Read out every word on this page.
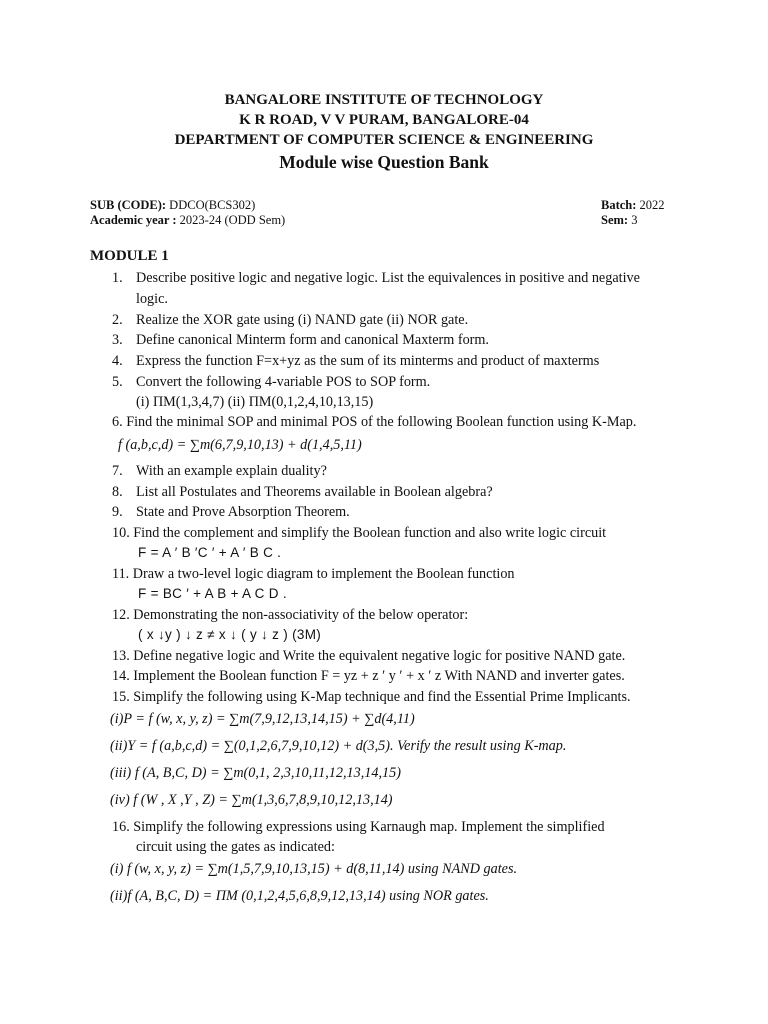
BANGALORE INSTITUTE OF TECHNOLOGY
K R ROAD, V V PURAM, BANGALORE-04
DEPARTMENT OF COMPUTER SCIENCE & ENGINEERING
Module wise Question Bank
SUB (CODE): DDCO(BCS302)
Academic year : 2023-24 (ODD Sem)
Batch: 2022
Sem: 3
MODULE 1
1. Describe positive logic and negative logic. List the equivalences in positive and negative
logic.
2. Realize the XOR gate using (i) NAND gate (ii) NOR gate.
3. Define canonical Minterm form and canonical Maxterm form.
4. Express the function F=x+yz as the sum of its minterms and product of maxterms
5. Convert the following 4-variable POS to SOP form.
(i) ΠM(1,3,4,7) (ii) ΠM(0,1,2,4,10,13,15)
6. Find the minimal SOP and minimal POS of the following Boolean function using K-Map.
f (a,b,c,d) = ∑m(6,7,9,10,13) + d(1,4,5,11)
7. With an example explain duality?
8. List all Postulates and Theorems available in Boolean algebra?
9. State and Prove Absorption Theorem.
10. Find the complement and simplify the Boolean function and also write logic circuit
F = A ′ B ′C ′ + A ′ B C .
11. Draw a two-level logic diagram to implement the Boolean function
F = BC ′ + A B + A C D .
12. Demonstrating the non-associativity of the below operator:
( x ↓y ) ↓ z ≠ x ↓ ( y ↓ z ) (3M)
13. Define negative logic and Write the equivalent negative logic for positive NAND gate.
14. Implement the Boolean function F = yz + z ′ y ′ + x ′ z With NAND and inverter gates.
15. Simplify the following using K-Map technique and find the Essential Prime Implicants.
(i)P = f (w, x, y, z) = ∑m(7,9,12,13,14,15) + ∑d(4,11)
(ii)Y = f (a,b,c,d) = ∑(0,1,2,6,7,9,10,12) + d(3,5). Verify the result using K-map.
(iii) f (A, B,C, D) = ∑m(0,1, 2,3,10,11,12,13,14,15)
(iv) f (W , X ,Y , Z) = ∑m(1,3,6,7,8,9,10,12,13,14)
16. Simplify the following expressions using Karnaugh map. Implement the simplified
circuit using the gates as indicated:
(i) f (w, x, y, z) = ∑m(1,5,7,9,10,13,15) + d(8,11,14) using NAND gates.
(ii)f (A, B,C, D) = ΠM (0,1,2,4,5,6,8,9,12,13,14) using NOR gates.
